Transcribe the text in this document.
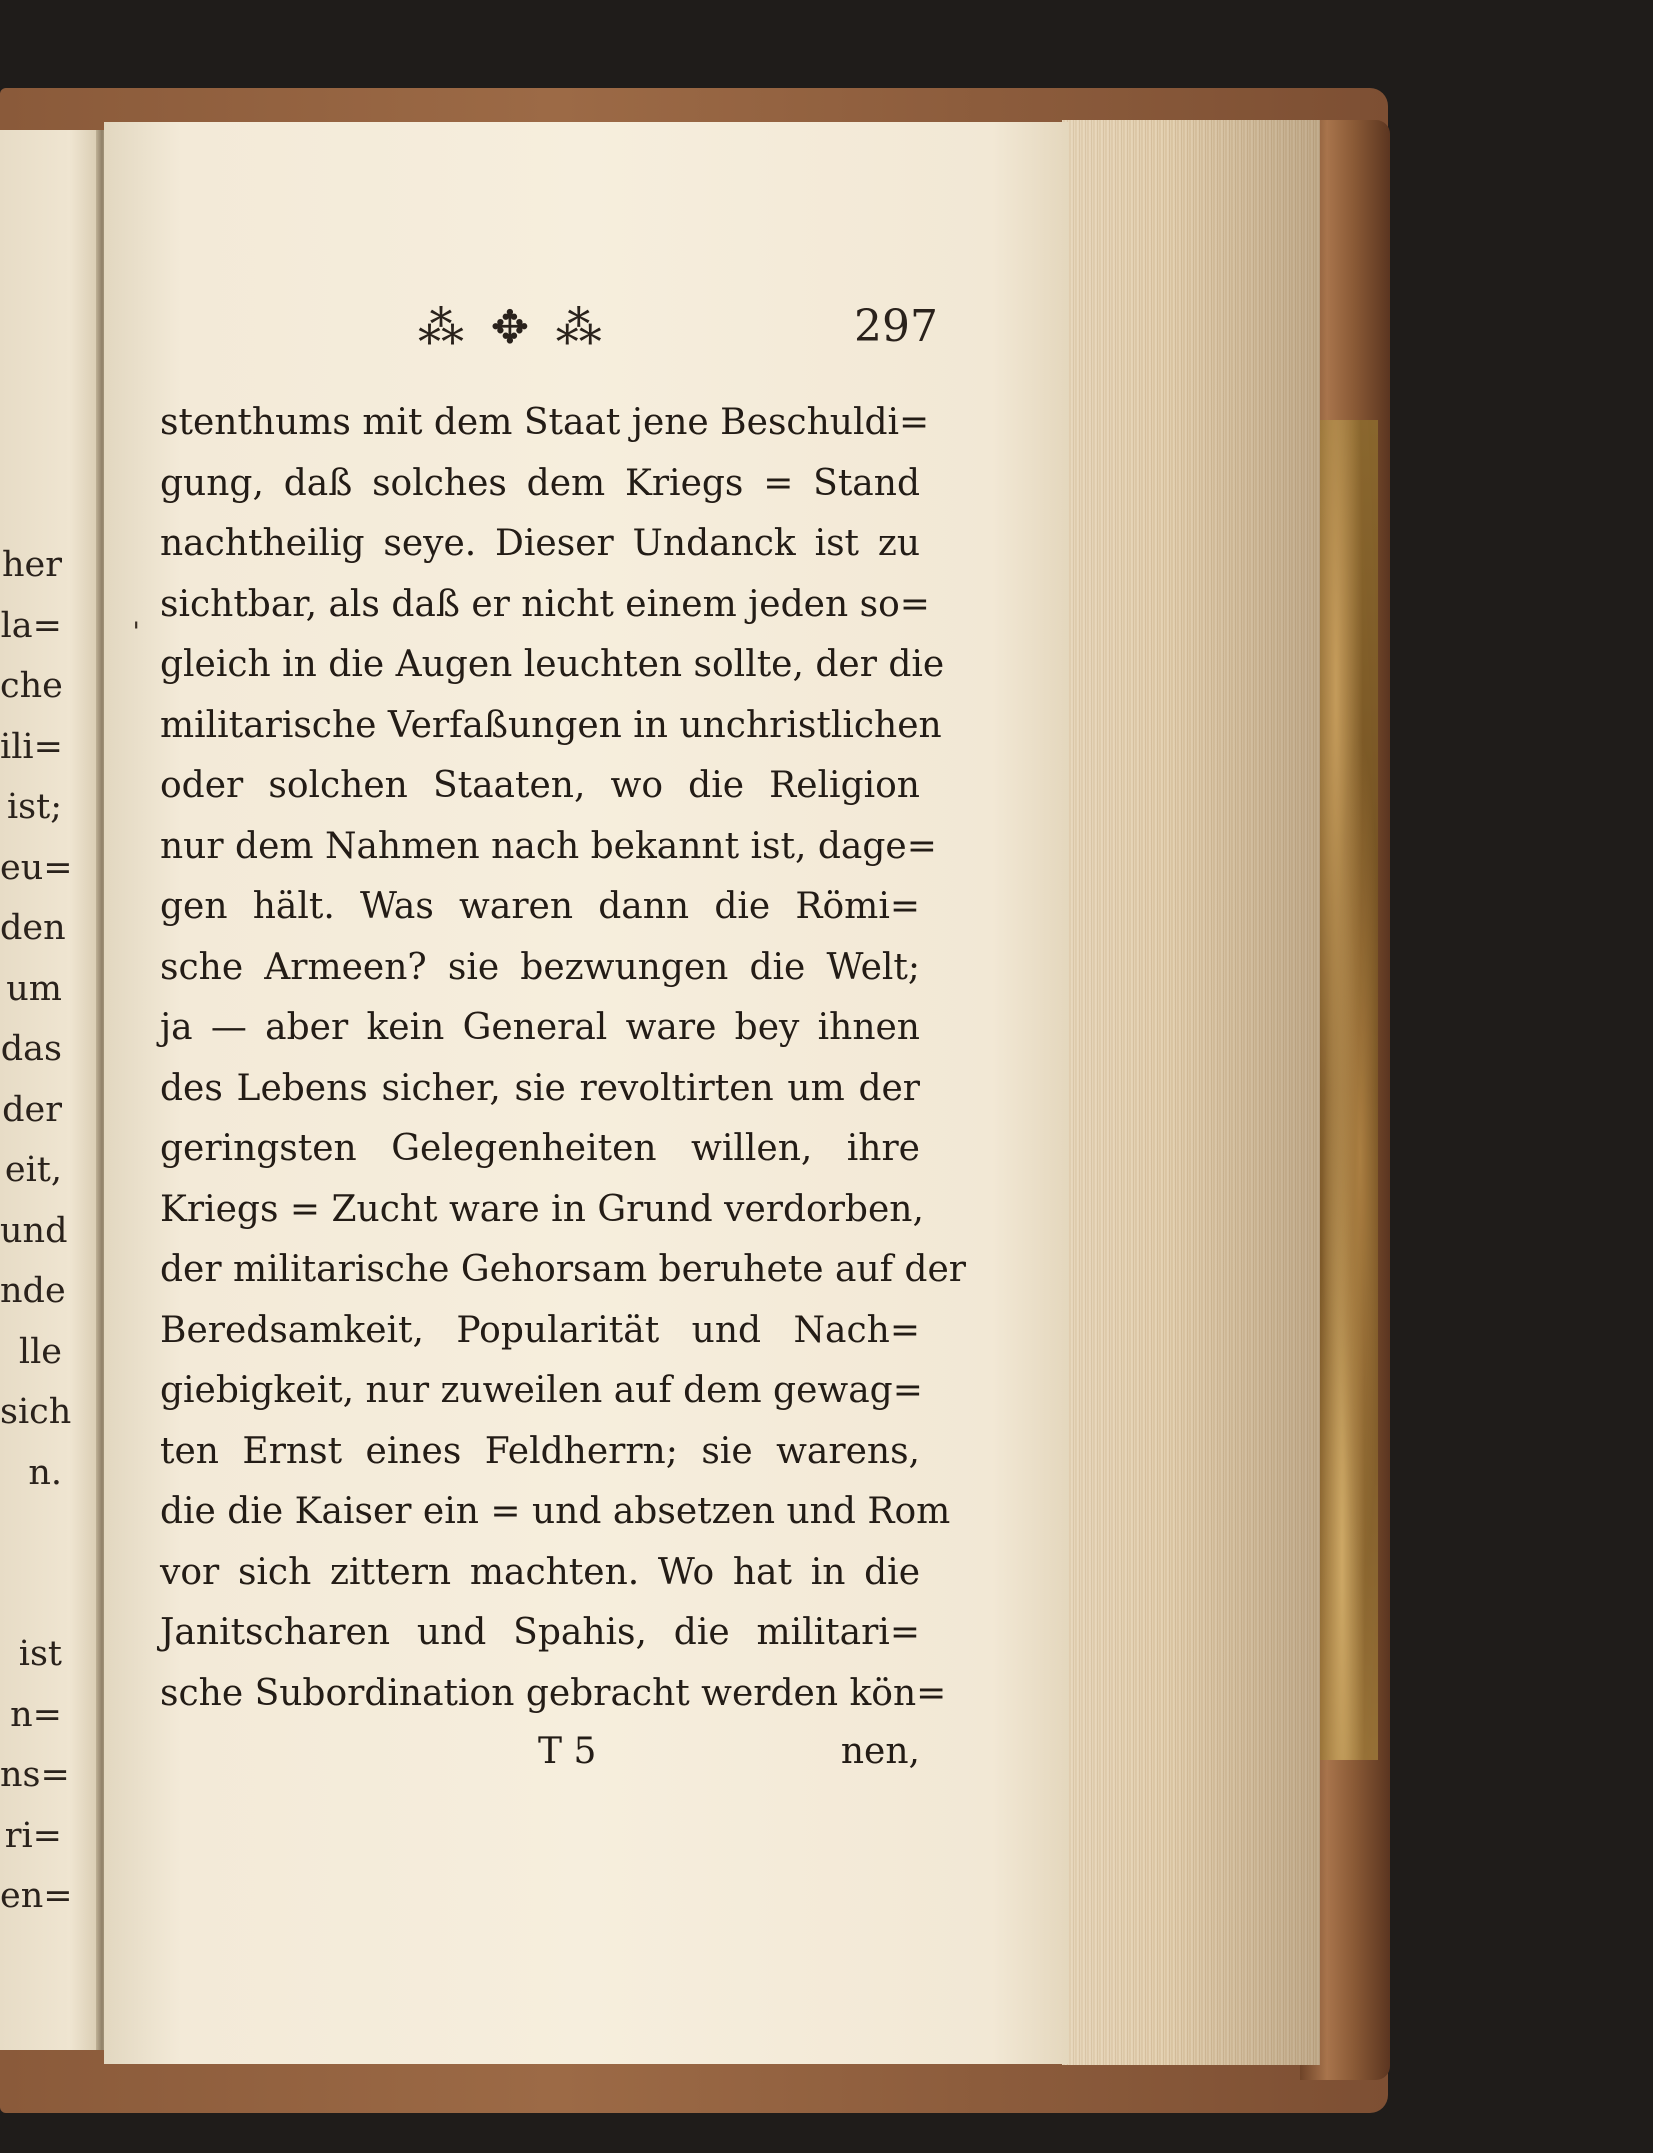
her
la=
che
ili=
ist;
eu=
den
um
das
der
eit,
und
nde
lle
sich
n.
ist
n=
ns=
ri=
en=
⁂ ✥ ⁂	297
stenthums mit dem Staat jene Beschuldi=
gung, daß solches dem Kriegs = Stand
nachtheilig seye. Dieser Undanck ist zu
sichtbar, als daß er nicht einem jeden so=
gleich in die Augen leuchten sollte, der die
militarische Verfaßungen in unchristlichen
oder solchen Staaten, wo die Religion
nur dem Nahmen nach bekannt ist, dage=
gen hält. Was waren dann die Römi=
sche Armeen? sie bezwungen die Welt;
ja — aber kein General ware bey ihnen
des Lebens sicher, sie revoltirten um der
geringsten Gelegenheiten willen, ihre
Kriegs = Zucht ware in Grund verdorben,
der militarische Gehorsam beruhete auf der
Beredsamkeit, Popularität und Nach=
giebigkeit, nur zuweilen auf dem gewag=
ten Ernst eines Feldherrn; sie warens,
die die Kaiser ein = und absetzen und Rom
vor sich zittern machten. Wo hat in die
Janitscharen und Spahis, die militari=
sche Subordination gebracht werden kön=
T 5	nen,
ˌ
